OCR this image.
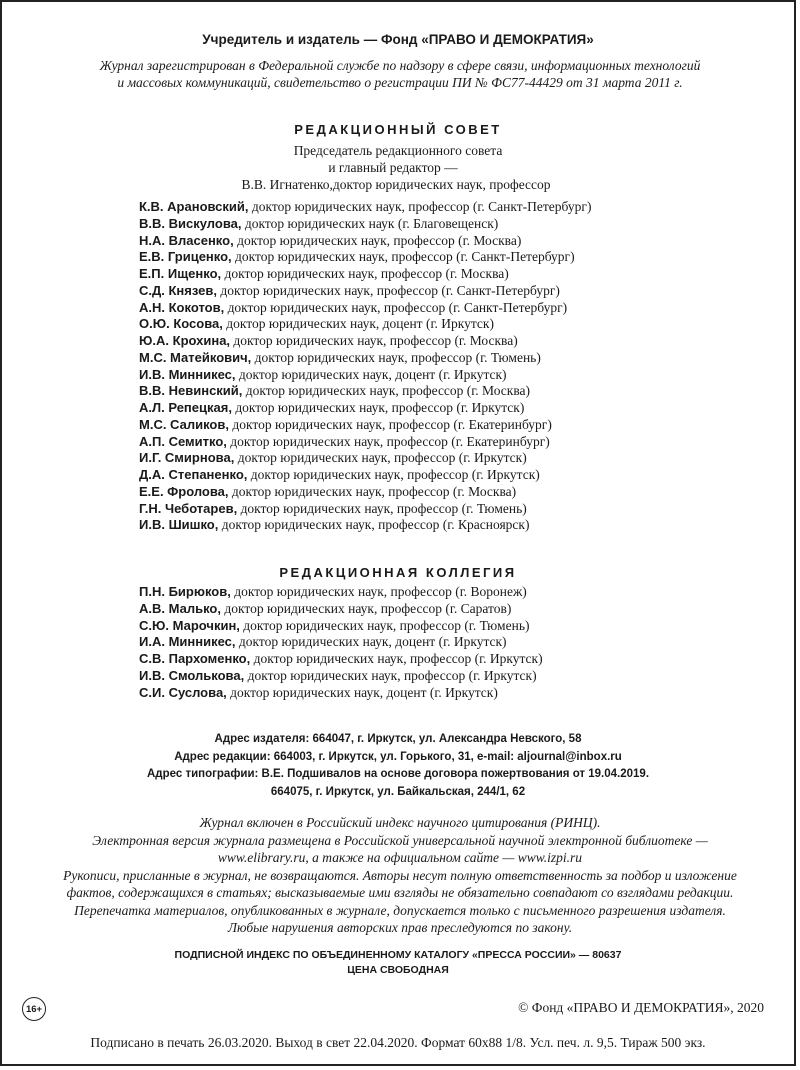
Учредитель и издатель — Фонд «ПРАВО И ДЕМОКРАТИЯ»
Журнал зарегистрирован в Федеральной службе по надзору в сфере связи, информационных технологий
и массовых коммуникаций, свидетельство о регистрации ПИ № ФС77-44429 от 31 марта 2011 г.
РЕДАКЦИОННЫЙ СОВЕТ
Председатель редакционного совета
и главный редактор —
В.В. Игнатенко,доктор юридических наук, профессор
К.В. Арановский, доктор юридических наук, профессор (г. Санкт-Петербург)
В.В. Вискулова, доктор юридических наук (г. Благовещенск)
Н.А. Власенко, доктор юридических наук, профессор (г. Москва)
Е.В. Гриценко, доктор юридических наук, профессор (г. Санкт-Петербург)
Е.П. Ищенко, доктор юридических наук, профессор (г. Москва)
С.Д. Князев, доктор юридических наук, профессор (г. Санкт-Петербург)
А.Н. Кокотов, доктор юридических наук, профессор (г. Санкт-Петербург)
О.Ю. Косова, доктор юридических наук, доцент (г. Иркутск)
Ю.А. Крохина, доктор юридических наук, профессор (г. Москва)
М.С. Матейкович, доктор юридических наук, профессор (г. Тюмень)
И.В. Минникес, доктор юридических наук, доцент (г. Иркутск)
В.В. Невинский, доктор юридических наук, профессор (г. Москва)
А.Л. Репецкая, доктор юридических наук, профессор (г. Иркутск)
М.С. Саликов, доктор юридических наук, профессор (г. Екатеринбург)
А.П. Семитко, доктор юридических наук, профессор (г. Екатеринбург)
И.Г. Смирнова, доктор юридических наук, профессор (г. Иркутск)
Д.А. Степаненко, доктор юридических наук, профессор (г. Иркутск)
Е.Е. Фролова, доктор юридических наук, профессор (г. Москва)
Г.Н. Чеботарев, доктор юридических наук, профессор (г. Тюмень)
И.В. Шишко, доктор юридических наук, профессор (г. Красноярск)
РЕДАКЦИОННАЯ КОЛЛЕГИЯ
П.Н. Бирюков, доктор юридических наук, профессор (г. Воронеж)
А.В. Малько, доктор юридических наук, профессор (г. Саратов)
С.Ю. Марочкин, доктор юридических наук, профессор (г. Тюмень)
И.А. Минникес, доктор юридических наук, доцент (г. Иркутск)
С.В. Пархоменко, доктор юридических наук, профессор (г. Иркутск)
И.В. Смолькова, доктор юридических наук, профессор (г. Иркутск)
С.И. Суслова, доктор юридических наук, доцент (г. Иркутск)
Адрес издателя: 664047, г. Иркутск, ул. Александра Невского, 58
Адрес редакции: 664003, г. Иркутск, ул. Горького, 31, e-mail: aljournal@inbox.ru
Адрес типографии: В.Е. Подшивалов на основе договора пожертвования от 19.04.2019.
664075, г. Иркутск, ул. Байкальская, 244/1, 62
Журнал включен в Российский индекс научного цитирования (РИНЦ).
Электронная версия журнала размещена в Российской универсальной научной электронной библиотеке —
www.elibrary.ru, а также на официальном сайте — www.izpi.ru
Рукописи, присланные в журнал, не возвращаются. Авторы несут полную ответственность за подбор и изложение
фактов, содержащихся в статьях; высказываемые ими взгляды не обязательно совпадают со взглядами редакции.
Перепечатка материалов, опубликованных в журнале, допускается только с письменного разрешения издателя.
Любые нарушения авторских прав преследуются по закону.
ПОДПИСНОЙ ИНДЕКС ПО ОБЪЕДИНЕННОМУ КАТАЛОГУ «ПРЕССА РОССИИ» — 80637
ЦЕНА СВОБОДНАЯ
16+	© Фонд «ПРАВО И ДЕМОКРАТИЯ», 2020
Подписано в печать 26.03.2020. Выход в свет 22.04.2020. Формат 60x88 1/8. Усл. печ. л. 9,5. Тираж 500 экз.
